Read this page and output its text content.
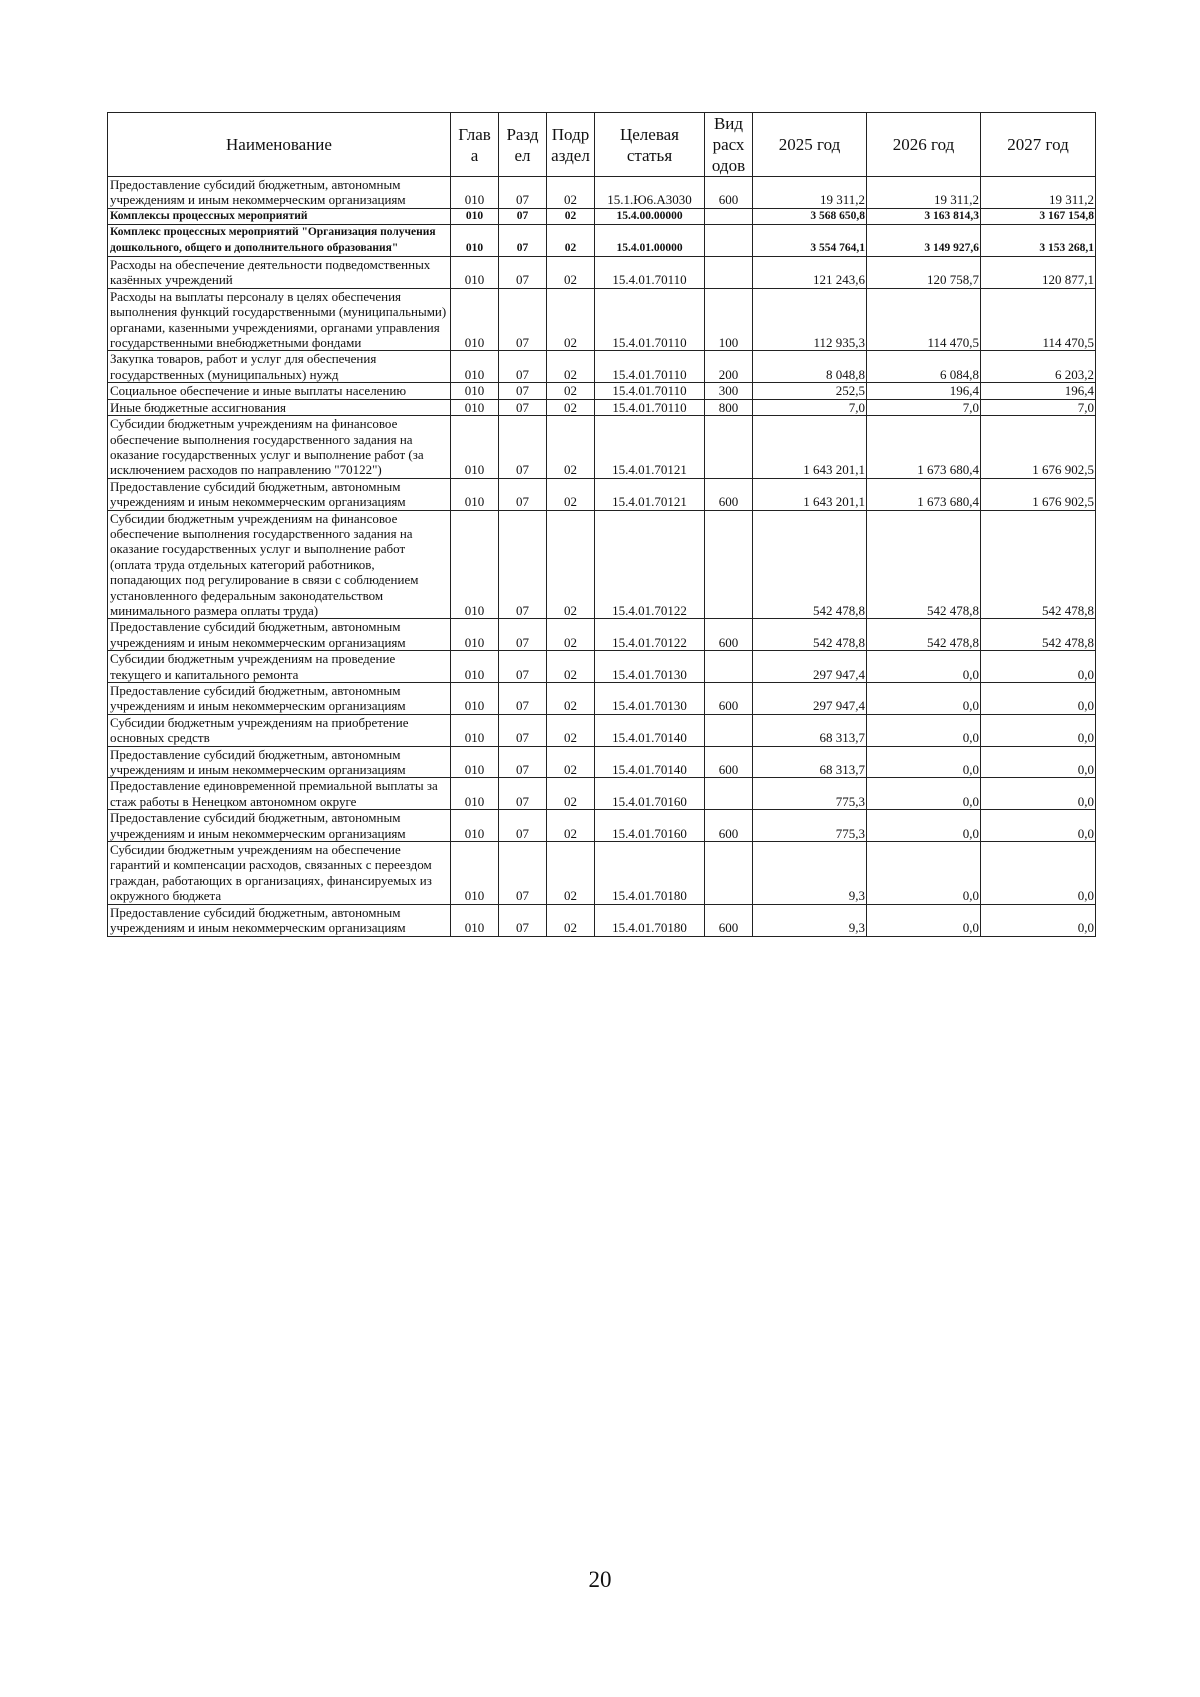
Наименование	Глав а	Разд ел	Подр аздел	Целевая статья	Вид расх одов	2025 год	2026 год	2027 год
Предоставление субсидий бюджетным, автономным учреждениям и иным некоммерческим организациям	010	07	02	15.1.Ю6.А3030	600	19 311,2	19 311,2	19 311,2
Комплексы процессных мероприятий	010	07	02	15.4.00.00000		3 568 650,8	3 163 814,3	3 167 154,8
Комплекс процессных мероприятий "Организация получения дошкольного, общего и дополнительного образования"	010	07	02	15.4.01.00000		3 554 764,1	3 149 927,6	3 153 268,1
Расходы на обеспечение деятельности подведомственных казённых учреждений	010	07	02	15.4.01.70110		121 243,6	120 758,7	120 877,1
Расходы на выплаты персоналу в целях обеспечения выполнения функций государственными (муниципальными) органами, казенными учреждениями, органами управления государственными внебюджетными фондами	010	07	02	15.4.01.70110	100	112 935,3	114 470,5	114 470,5
Закупка товаров, работ и услуг для обеспечения государственных (муниципальных) нужд	010	07	02	15.4.01.70110	200	8 048,8	6 084,8	6 203,2
Социальное обеспечение и иные выплаты населению	010	07	02	15.4.01.70110	300	252,5	196,4	196,4
Иные бюджетные ассигнования	010	07	02	15.4.01.70110	800	7,0	7,0	7,0
Субсидии бюджетным учреждениям на финансовое обеспечение выполнения государственного задания на оказание государственных услуг и выполнение работ (за исключением расходов по направлению "70122")	010	07	02	15.4.01.70121		1 643 201,1	1 673 680,4	1 676 902,5
Предоставление субсидий бюджетным, автономным учреждениям и иным некоммерческим организациям	010	07	02	15.4.01.70121	600	1 643 201,1	1 673 680,4	1 676 902,5
Субсидии бюджетным учреждениям на финансовое обеспечение выполнения государственного задания на оказание государственных услуг и выполнение работ (оплата труда отдельных категорий работников, попадающих под регулирование в связи с соблюдением установленного федеральным законодательством минимального размера оплаты труда)	010	07	02	15.4.01.70122		542 478,8	542 478,8	542 478,8
Предоставление субсидий бюджетным, автономным учреждениям и иным некоммерческим организациям	010	07	02	15.4.01.70122	600	542 478,8	542 478,8	542 478,8
Субсидии бюджетным учреждениям на проведение текущего и капитального ремонта	010	07	02	15.4.01.70130		297 947,4	0,0	0,0
Предоставление субсидий бюджетным, автономным учреждениям и иным некоммерческим организациям	010	07	02	15.4.01.70130	600	297 947,4	0,0	0,0
Субсидии бюджетным учреждениям на приобретение основных средств	010	07	02	15.4.01.70140		68 313,7	0,0	0,0
Предоставление субсидий бюджетным, автономным учреждениям и иным некоммерческим организациям	010	07	02	15.4.01.70140	600	68 313,7	0,0	0,0
Предоставление единовременной премиальной выплаты за стаж работы в Ненецком автономном округе	010	07	02	15.4.01.70160		775,3	0,0	0,0
Предоставление субсидий бюджетным, автономным учреждениям и иным некоммерческим организациям	010	07	02	15.4.01.70160	600	775,3	0,0	0,0
Субсидии бюджетным учреждениям на обеспечение гарантий и компенсации расходов, связанных с переездом граждан, работающих в организациях, финансируемых из окружного бюджета	010	07	02	15.4.01.70180		9,3	0,0	0,0
Предоставление субсидий бюджетным, автономным учреждениям и иным некоммерческим организациям	010	07	02	15.4.01.70180	600	9,3	0,0	0,0
20
